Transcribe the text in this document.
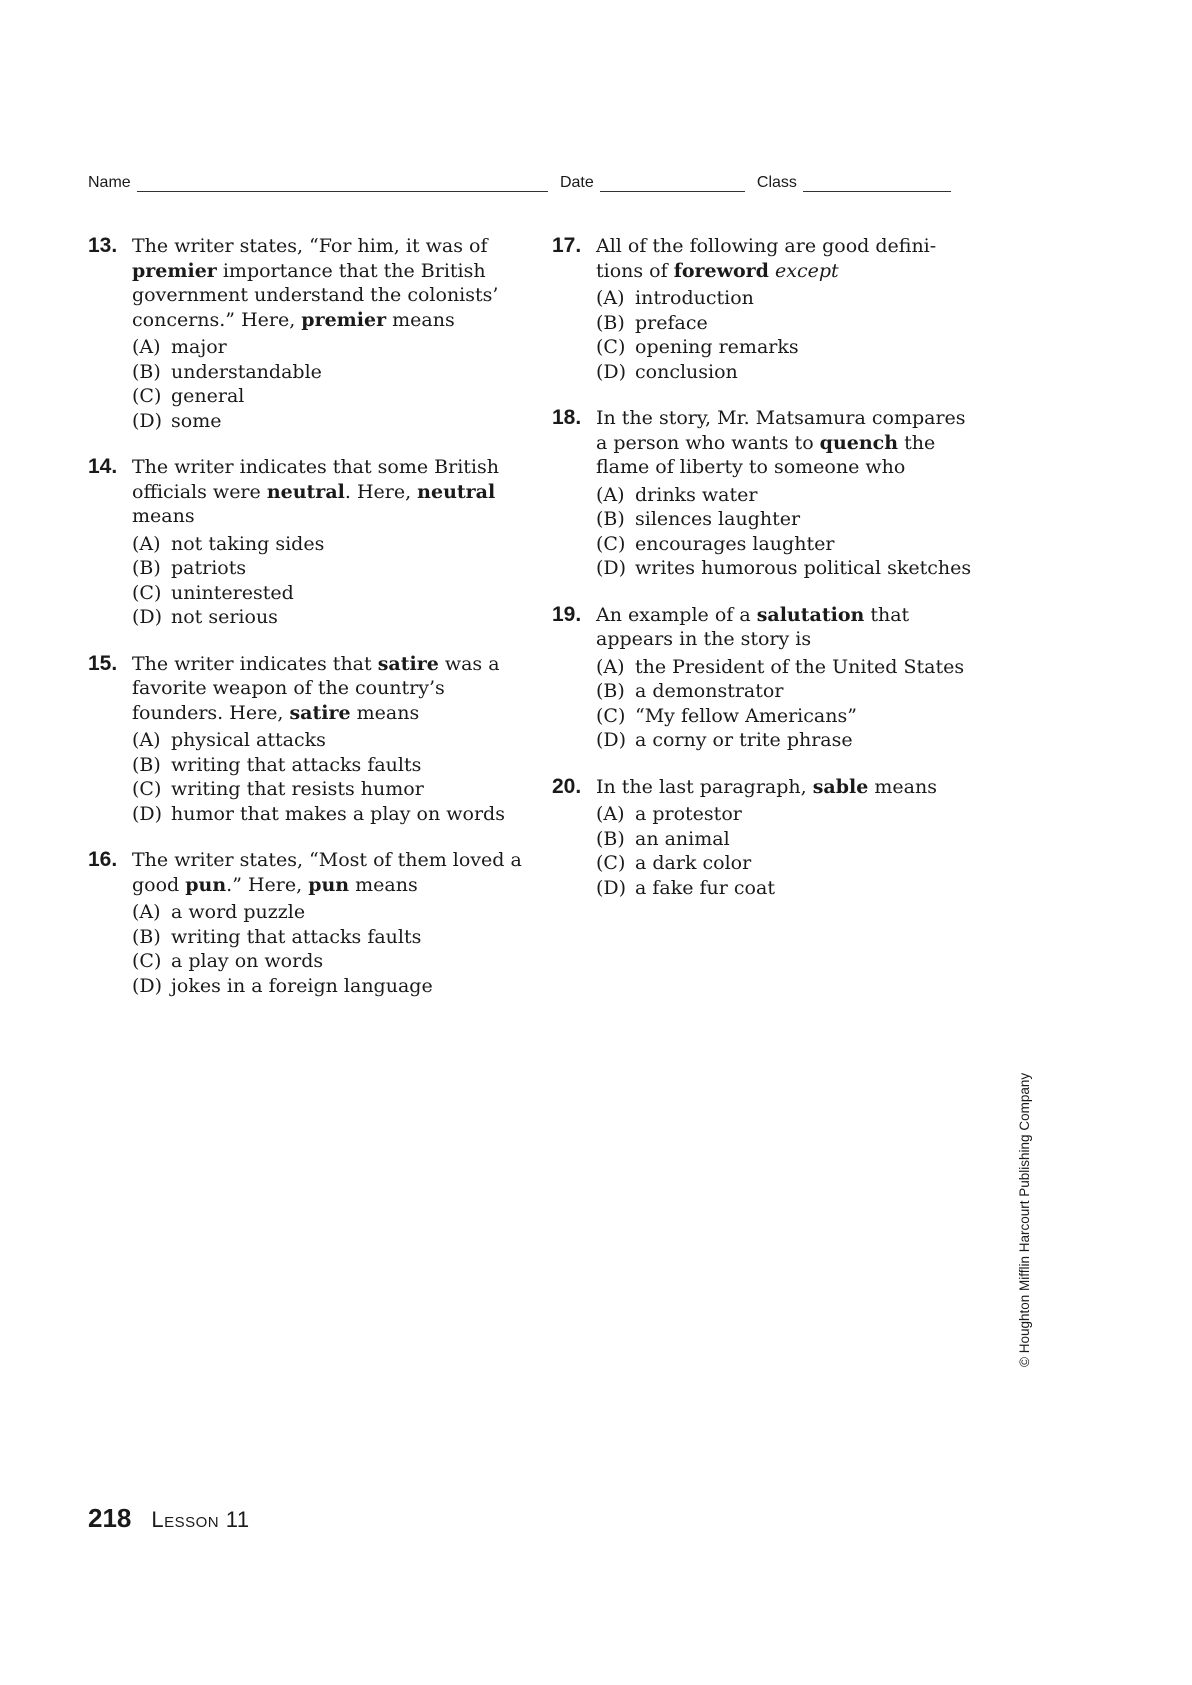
Name	Date	Class
13. The writer states, “For him, it was of premier importance that the British government understand the colonists’ concerns.” Here, premier means
(A) major
(B) understandable
(C) general
(D) some
14. The writer indicates that some British officials were neutral. Here, neutral means
(A) not taking sides
(B) patriots
(C) uninterested
(D) not serious
15. The writer indicates that satire was a favorite weapon of the country’s founders. Here, satire means
(A) physical attacks
(B) writing that attacks faults
(C) writing that resists humor
(D) humor that makes a play on words
16. The writer states, “Most of them loved a good pun.” Here, pun means
(A) a word puzzle
(B) writing that attacks faults
(C) a play on words
(D) jokes in a foreign language
17. All of the following are good defini-tions of foreword except
(A) introduction
(B) preface
(C) opening remarks
(D) conclusion
18. In the story, Mr. Matsamura compares a person who wants to quench the flame of liberty to someone who
(A) drinks water
(B) silences laughter
(C) encourages laughter
(D) writes humorous political sketches
19. An example of a salutation that appears in the story is
(A) the President of the United States
(B) a demonstrator
(C) “My fellow Americans”
(D) a corny or trite phrase
20. In the last paragraph, sable means
(A) a protestor
(B) an animal
(C) a dark color
(D) a fake fur coat
218 Lesson 11
© Houghton Mifflin Harcourt Publishing Company
